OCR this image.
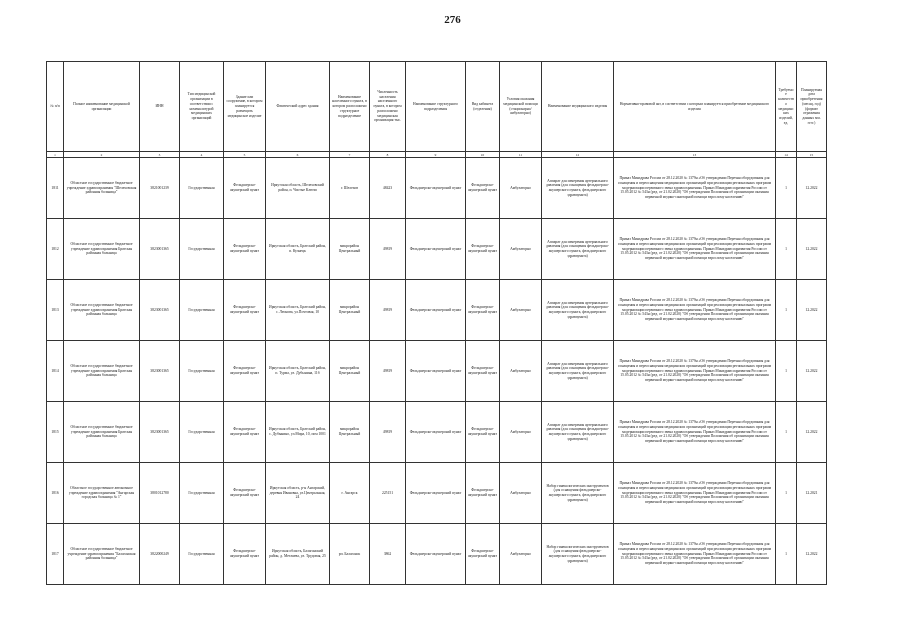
276
№ п/п	Полное наименование медицинской организации	ИНН	Тип медицинской организации в соответствии с номенклатурой медицинских организаций	Здание или сооружение, в котором планируется размещать медицинское изделие	Фактический адрес здания	Наименование населенного пункта, в котором расположено структурное подразделение	Численность населения населенного пункта, в котором расположено медицинская организация тыс.	Наименование структурного подразделения	Вид кабинета (отделения)	Условия оказания медицинской помощи (стационарно/амбулаторно)	Наименование медицинского изделия	Нормативно-правовой акт, в соответствии с которым планируется приобретение медицинского изделия	Требуемое количество медицинских изделий, ед.	Планируемая дата приобретения (месяц, год) (формат отражения данных мм. гггг.)
1	2	3	4	5	6	7	8	9	10	11	12	13	14	15
1811	Областное государственное бюджетное учреждение здравоохранения "Шелеховская районная больница"	3821001239	Государственная	Фельдшерско-акушерский пункт	Иркутская область, Шелеховский район, п. Чистые Ключи	г. Шелехов	48423	Фельдшерско-акушерский пункт	Фельдшерско-акушерский пункт	Амбулаторно	Аппарат для измерения артериального давления (для оснащения фельдшерско-акушерского пункта, фельдшерского здравпункта)	Приказ Минздрава России от 28.12.2020 № 1379н «Об утверждении Перечня оборудования для оснащения и переоснащения медицинских организаций при реализации региональных программ модернизации первичного звена здравоохранения» Приказ Минздравсоцразвития России от 15.05.2012 № 543н (ред. от 21.02.2020) "Об утверждении Положения об организации оказания первичной медико-санитарной помощи взрослому населению"	1	12.2022
1812	Областное государственное бюджетное учреждение здравоохранения Братская районная больница	3823001365	Государственная	Фельдшерско-акушерский пункт	Иркутская область, Братский район, п. Кузнецк	микрорайон Центральный	49819	Фельдшерско-акушерский пункт	Фельдшерско-акушерский пункт	Амбулаторно	Аппарат для измерения артериального давления (для оснащения фельдшерско-акушерского пункта, фельдшерского здравпункта)	Приказ Минздрава России от 28.12.2020 № 1379н «Об утверждении Перечня оборудования для оснащения и переоснащения медицинских организаций при реализации региональных программ модернизации первичного звена здравоохранения» Приказ Минздравсоцразвития России от 15.05.2012 № 543н (ред. от 21.02.2020) "Об утверждении Положения об организации оказания первичной медико-санитарной помощи взрослому населению"	1	12.2022
1813	Областное государственное бюджетное учреждение здравоохранения Братская районная больница	3823001365	Государственная	Фельдшерско-акушерский пункт	Иркутская область, Братский район, с. Леонова, ул.Почтовая, 10	микрорайон Центральный	49819	Фельдшерско-акушерский пункт	Фельдшерско-акушерский пункт	Амбулаторно	Аппарат для измерения артериального давления (для оснащения фельдшерско-акушерского пункта, фельдшерского здравпункта)	Приказ Минздрава России от 28.12.2020 № 1379н «Об утверждении Перечня оборудования для оснащения и переоснащения медицинских организаций при реализации региональных программ модернизации первичного звена здравоохранения» Приказ Минздравсоцразвития России от 15.05.2012 № 543н (ред. от 21.02.2020) "Об утверждении Положения об организации оказания первичной медико-санитарной помощи взрослому населению"	1	12.2022
1814	Областное государственное бюджетное учреждение здравоохранения Братская районная больница	3823001365	Государственная	Фельдшерско-акушерский пункт	Иркутская область, Братский район, п. Турма, ул. Дубынина, 11б	микрорайон Центральный	49819	Фельдшерско-акушерский пункт	Фельдшерско-акушерский пункт	Амбулаторно	Аппарат для измерения артериального давления (для оснащения фельдшерско-акушерского пункта, фельдшерского здравпункта)	Приказ Минздрава России от 28.12.2020 № 1379н «Об утверждении Перечня оборудования для оснащения и переоснащения медицинских организаций при реализации региональных программ модернизации первичного звена здравоохранения» Приказ Минздравсоцразвития России от 15.05.2012 № 543н (ред. от 21.02.2020) "Об утверждении Положения об организации оказания первичной медико-санитарной помощи взрослому населению"	1	12.2022
1815	Областное государственное бюджетное учреждение здравоохранения Братская районная больница	3823001365	Государственная	Фельдшерско-акушерский пункт	Иркутская область, Братский район, с. Дубынино, ул.Мира, 10, пом 1001	микрорайон Центральный	49819	Фельдшерско-акушерский пункт	Фельдшерско-акушерский пункт	Амбулаторно	Аппарат для измерения артериального давления (для оснащения фельдшерско-акушерского пункта, фельдшерского здравпункта)	Приказ Минздрава России от 28.12.2020 № 1379н «Об утверждении Перечня оборудования для оснащения и переоснащения медицинских организаций при реализации региональных программ модернизации первичного звена здравоохранения» Приказ Минздравсоцразвития России от 15.05.2012 № 543н (ред. от 21.02.2020) "Об утверждении Положения об организации оказания первичной медико-санитарной помощи взрослому населению"	1	12.2022
1816	Областное государственное автономное учреждение здравоохранения "Ангарская городская больница № 1"	3801012780	Государственная	Фельдшерско-акушерский пункт	Иркутская область, р-н Ангарский, деревня Ивановка, ул.Центральная, 24	г. Ангарск	225151	Фельдшерско-акушерский пункт	Фельдшерско-акушерский пункт	Амбулаторно	Набор гинекологических инструментов (для оснащения фельдшерско-акушерского пункта, фельдшерского здравпункта)	Приказ Минздрава России от 28.12.2020 № 1379н «Об утверждении Перечня оборудования для оснащения и переоснащения медицинских организаций при реализации региональных программ модернизации первичного звена здравоохранения» Приказ Минздравсоцразвития России от 15.05.2012 № 543н (ред. от 21.02.2020) "Об утверждении Положения об организации оказания первичной медико-санитарной помощи взрослому населению"	1	12.2021
1817	Областное государственное бюджетное учреждение здравоохранения "Балаганская районная больница"	3822000249	Государственная	Фельдшерско-акушерский пункт	Иркутская область, Балаганский район, д. Метляева, ул. Трудовая, 25	рп. Балаганск	3862	Фельдшерско-акушерский пункт	Фельдшерско-акушерский пункт	Амбулаторно	Набор гинекологических инструментов (для оснащения фельдшерско-акушерского пункта, фельдшерского здравпункта)	Приказ Минздрава России от 28.12.2020 № 1379н «Об утверждении Перечня оборудования для оснащения и переоснащения медицинских организаций при реализации региональных программ модернизации первичного звена здравоохранения» Приказ Минздравсоцразвития России от 15.05.2012 № 543н (ред. от 21.02.2020) "Об утверждении Положения об организации оказания первичной медико-санитарной помощи взрослому населению"	1	12.2022
